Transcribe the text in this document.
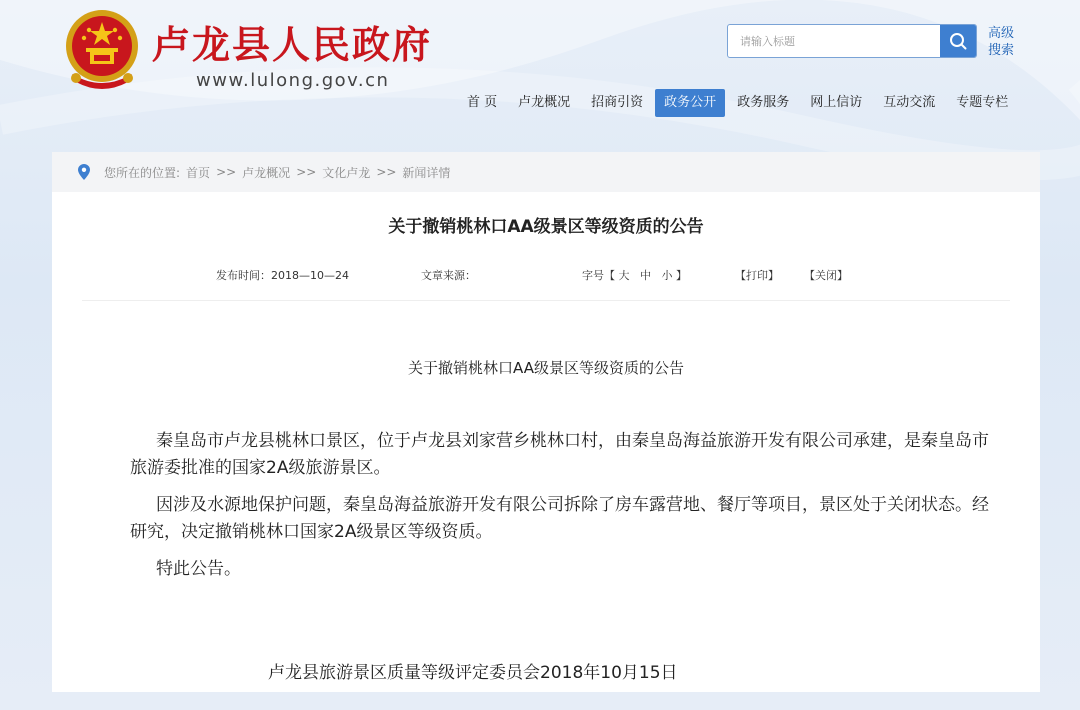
卢龙县人民政府
www.lulong.gov.cn
请输入标题
高级搜索
首 页	卢龙概况	招商引资	政务公开	政务服务	网上信访	互动交流	专题专栏
您所在的位置: 首页 >> 卢龙概况 >> 文化卢龙 >> 新闻详情
关于撤销桃林口AA级景区等级资质的公告
发布时间：2018—10—24	文章来源：	字号【 大   中   小 】	【打印】 【关闭】
关于撤销桃林口AA级景区等级资质的公告
秦皇岛市卢龙县桃林口景区，位于卢龙县刘家营乡桃林口村，由秦皇岛海益旅游开发有限公司承建，是秦皇岛市旅游委批准的国家2A级旅游景区。
因涉及水源地保护问题，秦皇岛海益旅游开发有限公司拆除了房车露营地、餐厅等项目，景区处于关闭状态。经研究，决定撤销桃林口国家2A级景区等级资质。
特此公告。
卢龙县旅游景区质量等级评定委员会2018年10月15日
